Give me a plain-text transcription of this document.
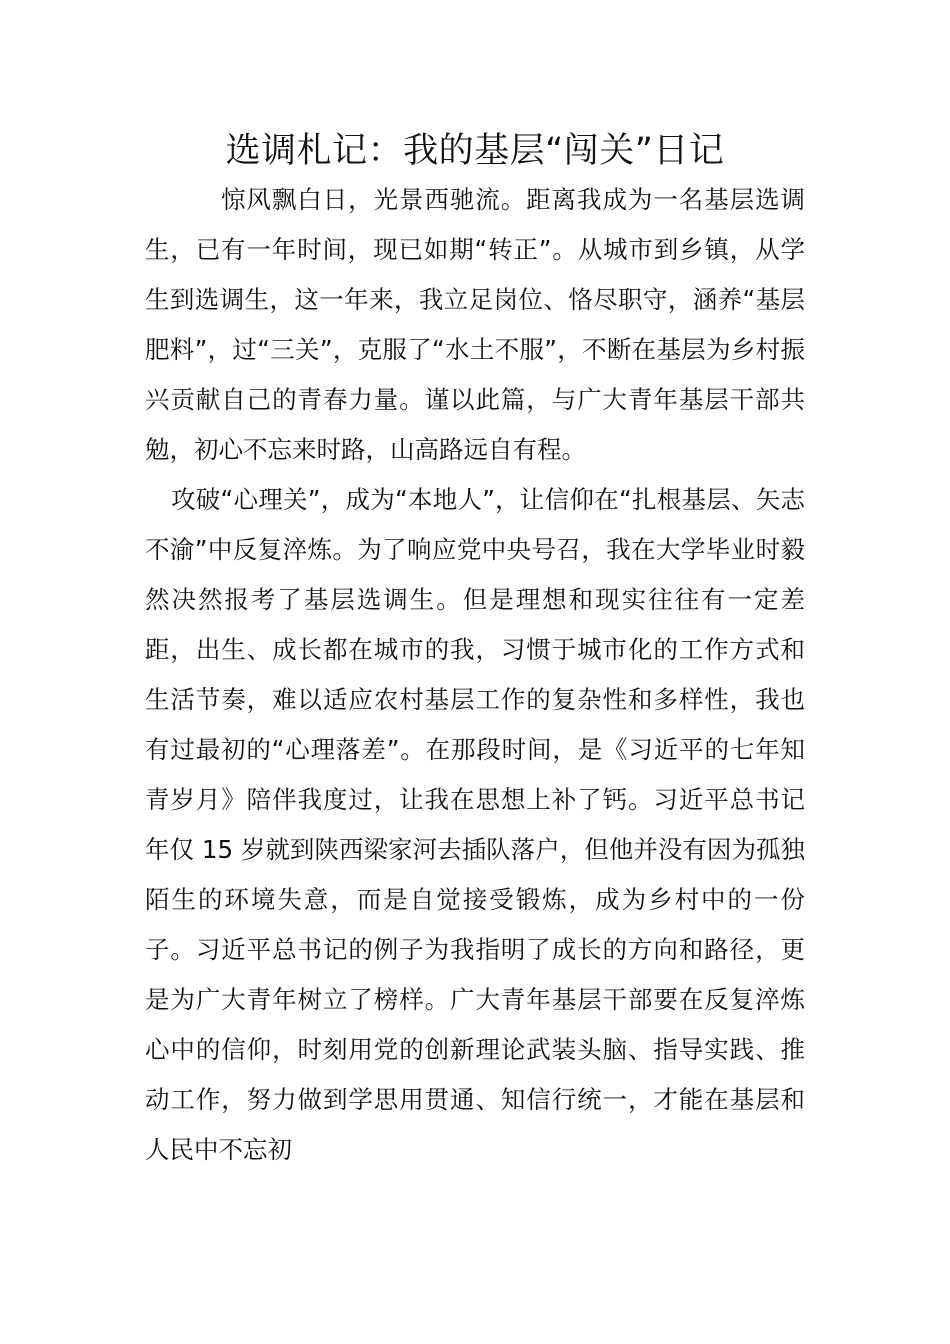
选调札记：我的基层“闯关”日记

惊风飘白日，光景西驰流。距离我成为一名基层选调生，已有一年时间，现已如期“转正”。从城市到乡镇，从学生到选调生，这一年来，我立足岗位、恪尽职守，涵养“基层肥料”，过“三关”，克服了“水土不服”，不断在基层为乡村振兴贡献自己的青春力量。谨以此篇，与广大青年基层干部共勉，初心不忘来时路，山高路远自有程。

攻破“心理关”，成为“本地人”，让信仰在“扎根基层、矢志不渝”中反复淬炼。为了响应党中央号召，我在大学毕业时毅然决然报考了基层选调生。但是理想和现实往往有一定差距，出生、成长都在城市的我，习惯于城市化的工作方式和生活节奏，难以适应农村基层工作的复杂性和多样性，我也有过最初的“心理落差”。在那段时间，是《习近平的七年知青岁月》陪伴我度过，让我在思想上补了钙。习近平总书记年仅 15 岁就到陕西梁家河去插队落户，但他并没有因为孤独陌生的环境失意，而是自觉接受锻炼，成为乡村中的一份子。习近平总书记的例子为我指明了成长的方向和路径，更是为广大青年树立了榜样。广大青年基层干部要在反复淬炼心中的信仰，时刻用党的创新理论武装头脑、指导实践、推动工作，努力做到学思用贯通、知信行统一，才能在基层和人民中不忘初
